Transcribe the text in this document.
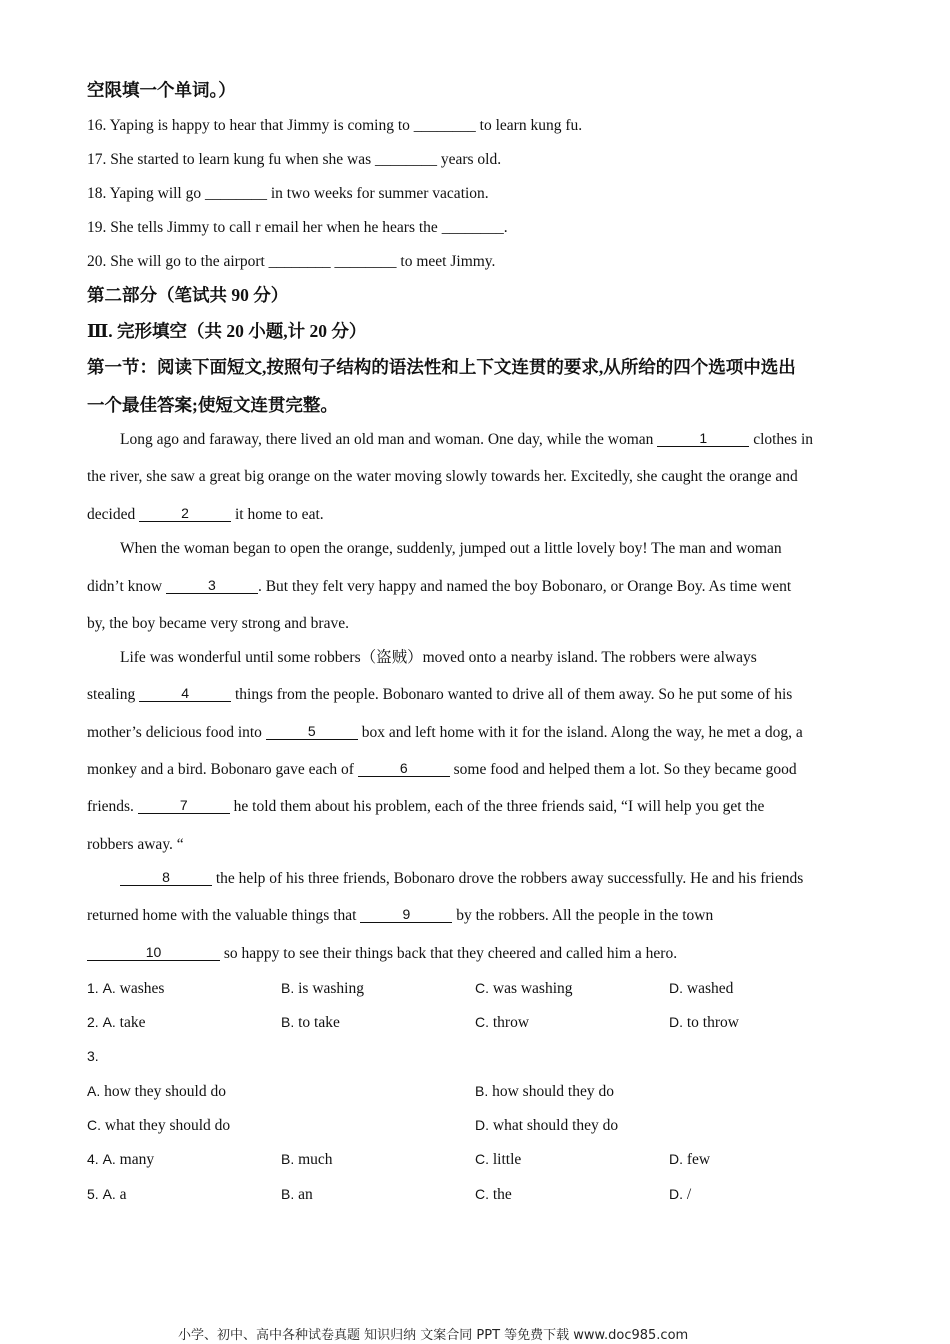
空限填一个单词。）
16. Yaping is happy to hear that Jimmy is coming to ________ to learn kung fu.
17. She started to learn kung fu when she was ________ years old.
18. Yaping will go ________ in two weeks for summer vacation.
19. She tells Jimmy to call r email her when he hears the ________.
20. She will go to the airport ________ ________ to meet Jimmy.
第二部分（笔试共 90 分）
Ⅲ. 完形填空（共 20 小题,计 20 分）
第一节：阅读下面短文,按照句子结构的语法性和上下文连贯的要求,从所给的四个选项中选出
一个最佳答案;使短文连贯完整。
Long ago and faraway, there lived an old man and woman. One day, while the woman	1	clothes in
the river, she saw a great big orange on the water moving slowly towards her. Excitedly, she caught the orange and
decided	2	it home to eat.
When the woman began to open the orange, suddenly, jumped out a little lovely boy! The man and woman
didn’t know	3	. But they felt very happy and named the boy Bobonaro, or Orange Boy. As time went
by, the boy became very strong and brave.
Life was wonderful until some robbers（盗贼）moved onto a nearby island. The robbers were always
stealing	4	things from the people. Bobonaro wanted to drive all of them away. So he put some of his
mother’s delicious food into	5	box and left home with it for the island. Along the way, he met a dog, a
monkey and a bird. Bobonaro gave each of	6	some food and helped them a lot. So they became good
friends.	7	he told them about his problem, each of the three friends said, “I will help you get the
robbers away. “
8	the help of his three friends, Bobonaro drove the robbers away successfully. He and his friends
returned home with the valuable things that	9	by the robbers. All the people in the town
10	so happy to see their things back that they cheered and called him a hero.
1. A. washes	B. is washing	C. was washing	D. washed
2. A. take	B. to take	C. throw	D. to throw
3.
A. how they should do	B. how should they do
C. what they should do	D. what should they do
4. A. many	B. much	C. little	D. few
5. A. a	B. an	C. the	D. /
小学、初中、高中各种试卷真题 知识归纳 文案合同 PPT 等免费下载 www.doc985.com
